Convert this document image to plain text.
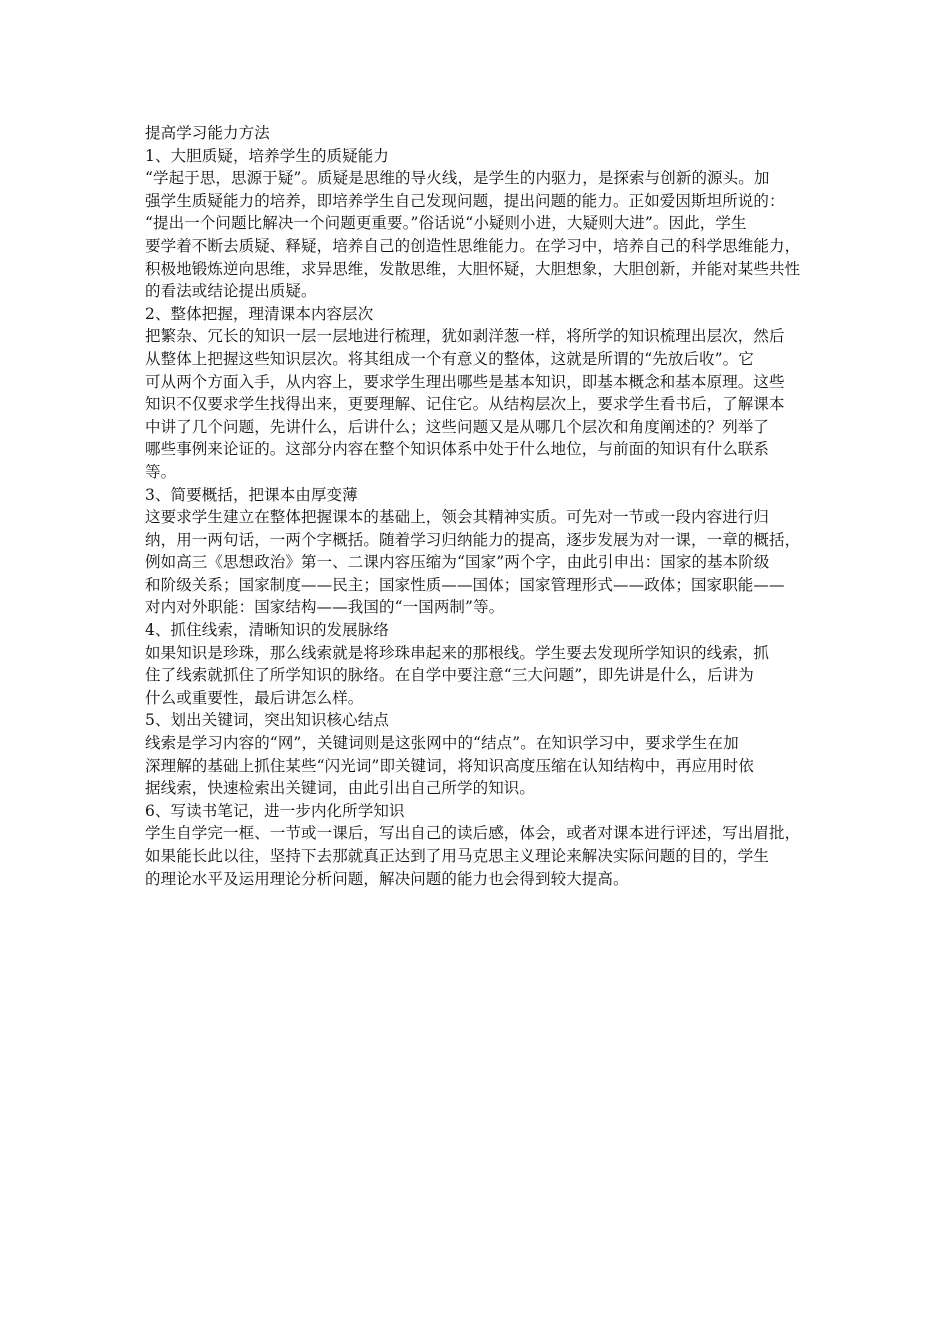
提高学习能力方法
1、大胆质疑，培养学生的质疑能力
“学起于思，思源于疑”。质疑是思维的导火线，是学生的内驱力，是探索与创新的源头。加
强学生质疑能力的培养，即培养学生自己发现问题，提出问题的能力。正如爱因斯坦所说的：
“提出一个问题比解决一个问题更重要。”俗话说“小疑则小进，大疑则大进”。因此，学生
要学着不断去质疑、释疑，培养自己的创造性思维能力。在学习中，培养自己的科学思维能力，
积极地锻炼逆向思维，求异思维，发散思维，大胆怀疑，大胆想象，大胆创新，并能对某些共性
的看法或结论提出质疑。
2、整体把握，理清课本内容层次
把繁杂、冗长的知识一层一层地进行梳理，犹如剥洋葱一样，将所学的知识梳理出层次，然后
从整体上把握这些知识层次。将其组成一个有意义的整体，这就是所谓的“先放后收”。它
可从两个方面入手，从内容上，要求学生理出哪些是基本知识，即基本概念和基本原理。这些
知识不仅要求学生找得出来，更要理解、记住它。从结构层次上，要求学生看书后，了解课本
中讲了几个问题，先讲什么，后讲什么；这些问题又是从哪几个层次和角度阐述的？列举了
哪些事例来论证的。这部分内容在整个知识体系中处于什么地位，与前面的知识有什么联系
等。
3、简要概括，把课本由厚变薄
这要求学生建立在整体把握课本的基础上，领会其精神实质。可先对一节或一段内容进行归
纳，用一两句话，一两个字概括。随着学习归纳能力的提高，逐步发展为对一课，一章的概括，
例如高三《思想政治》第一、二课内容压缩为“国家”两个字，由此引申出：国家的基本阶级
和阶级关系；国家制度——民主；国家性质——国体；国家管理形式——政体；国家职能——
对内对外职能：国家结构——我国的“一国两制”等。
4、抓住线索，清晰知识的发展脉络
如果知识是珍珠，那么线索就是将珍珠串起来的那根线。学生要去发现所学知识的线索，抓
住了线索就抓住了所学知识的脉络。在自学中要注意“三大问题”，即先讲是什么，后讲为
什么或重要性，最后讲怎么样。
5、划出关键词，突出知识核心结点
线索是学习内容的“网”，关键词则是这张网中的“结点”。在知识学习中，要求学生在加
深理解的基础上抓住某些“闪光词”即关键词，将知识高度压缩在认知结构中，再应用时依
据线索，快速检索出关键词，由此引出自己所学的知识。
6、写读书笔记，进一步内化所学知识
学生自学完一框、一节或一课后，写出自己的读后感，体会，或者对课本进行评述，写出眉批，
如果能长此以往，坚持下去那就真正达到了用马克思主义理论来解决实际问题的目的，学生
的理论水平及运用理论分析问题，解决问题的能力也会得到较大提高。
